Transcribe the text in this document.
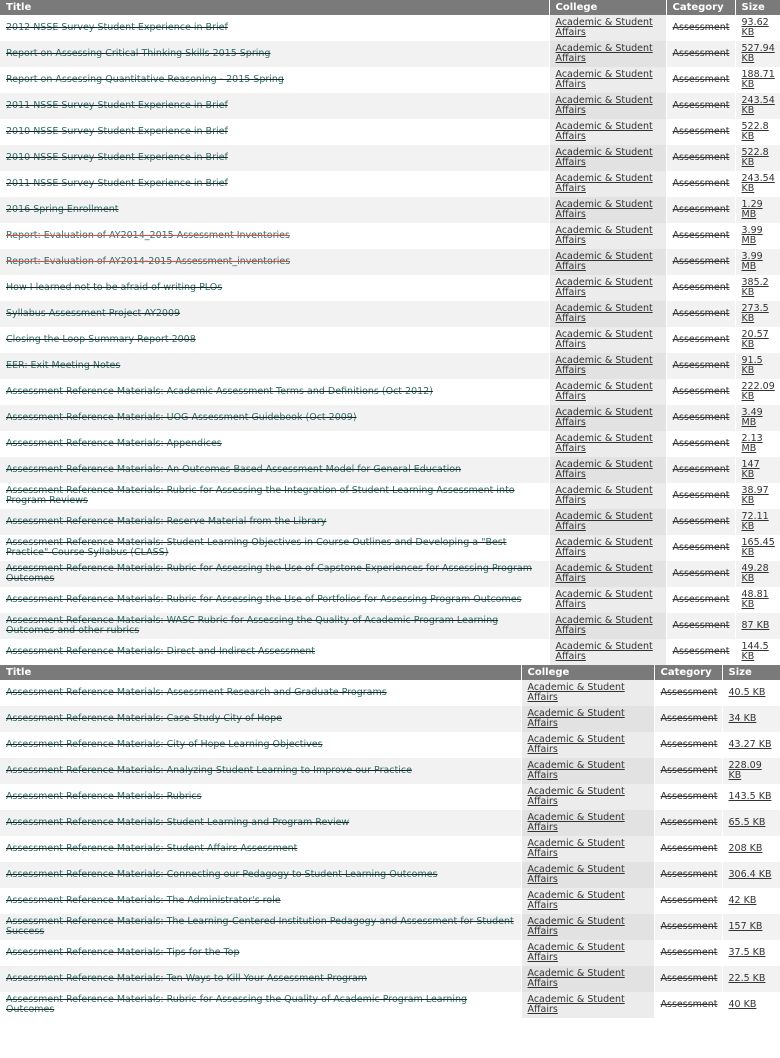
Title	College	Category	Size

2012 NSSE Survey Student Experience in Brief	Academic & Student Affairs	Assessment	93.62 KB

Report on Assessing Critical Thinking Skills 2015 Spring	Academic & Student Affairs	Assessment	527.94 KB

Report on Assessing Quantitative Reasoning - 2015 Spring	Academic & Student Affairs	Assessment	188.71 KB

2011 NSSE Survey Student Experience in Brief	Academic & Student Affairs	Assessment	243.54 KB

2010 NSSE Survey Student Experience in Brief	Academic & Student Affairs	Assessment	522.8 KB

2010 NSSE Survey Student Experience in Brief	Academic & Student Affairs	Assessment	522.8 KB

2011 NSSE Survey Student Experience in Brief	Academic & Student Affairs	Assessment	243.54 KB

2016 Spring Enrollment	Academic & Student Affairs	Assessment	1.29 MB

Report: Evaluation of AY2014_2015 Assessment Inventories	Academic & Student Affairs	Assessment	3.99 MB

Report: Evaluation of AY2014-2015 Assessment_inventories	Academic & Student Affairs	Assessment	3.99 MB

How I learned not to be afraid of writing PLOs	Academic & Student Affairs	Assessment	385.2 KB

Syllabus Assessment Project AY2009	Academic & Student Affairs	Assessment	273.5 KB

Closing the Loop Summary Report 2008	Academic & Student Affairs	Assessment	20.57 KB

EER: Exit Meeting Notes	Academic & Student Affairs	Assessment	91.5 KB

Assessment Reference Materials: Academic Assessment Terms and Definitions (Oct 2012)	Academic & Student Affairs	Assessment	222.09 KB

Assessment Reference Materials: UOG Assessment Guidebook (Oct 2009)	Academic & Student Affairs	Assessment	3.49 MB

Assessment Reference Materials: Appendices	Academic & Student Affairs	Assessment	2.13 MB

Assessment Reference Materials: An Outcomes Based Assessment Model for General Education	Academic & Student Affairs	Assessment	147 KB

Assessment Reference Materials: Rubric for Assessing the Integration of Student Learning Assessment into Program Reviews	Academic & Student Affairs	Assessment	38.97 KB

Assessment Reference Materials: Reserve Material from the Library	Academic & Student Affairs	Assessment	72.11 KB

Assessment Reference Materials: Student Learning Objectives in Course Outlines and Developing a "Best Practice" Course Syllabus (CLASS)	Academic & Student Affairs	Assessment	165.45 KB

Assessment Reference Materials: Rubric for Assessing the Use of Capstone Experiences for Assessing Program Outcomes	Academic & Student Affairs	Assessment	49.28 KB

Assessment Reference Materials: Rubric for Assessing the Use of Portfolios for Assessing Program Outcomes	Academic & Student Affairs	Assessment	48.81 KB

Assessment Reference Materials: WASC Rubric for Assessing the Quality of Academic Program Learning Outcomes and other rubrics	Academic & Student Affairs	Assessment	87 KB

Assessment Reference Materials: Direct and Indirect Assessment	Academic & Student Affairs	Assessment	144.5 KB
Title	College	Category	Size

Assessment Reference Materials: Assessment Research and Graduate Programs	Academic & Student Affairs	Assessment	40.5 KB

Assessment Reference Materials: Case Study City of Hope	Academic & Student Affairs	Assessment	34 KB

Assessment Reference Materials: City of Hope Learning Objectives	Academic & Student Affairs	Assessment	43.27 KB

Assessment Reference Materials: Analyzing Student Learning to Improve our Practice	Academic & Student Affairs	Assessment	228.09 KB

Assessment Reference Materials: Rubrics	Academic & Student Affairs	Assessment	143.5 KB

Assessment Reference Materials: Student Learning and Program Review	Academic & Student Affairs	Assessment	65.5 KB

Assessment Reference Materials: Student Affairs Assessment	Academic & Student Affairs	Assessment	208 KB

Assessment Reference Materials: Connecting our Pedagogy to Student Learning Outcomes	Academic & Student Affairs	Assessment	306.4 KB

Assessment Reference Materials: The Administrator's role	Academic & Student Affairs	Assessment	42 KB

Assessment Reference Materials: The Learning-Centered Institution Pedagogy and Assessment for Student Success	Academic & Student Affairs	Assessment	157 KB

Assessment Reference Materials: Tips for the Top	Academic & Student Affairs	Assessment	37.5 KB

Assessment Reference Materials: Ten Ways to Kill Your Assessment Program	Academic & Student Affairs	Assessment	22.5 KB

Assessment Reference Materials: Rubric for Assessing the Quality of Academic Program Learning Outcomes	Academic & Student Affairs	Assessment	40 KB
